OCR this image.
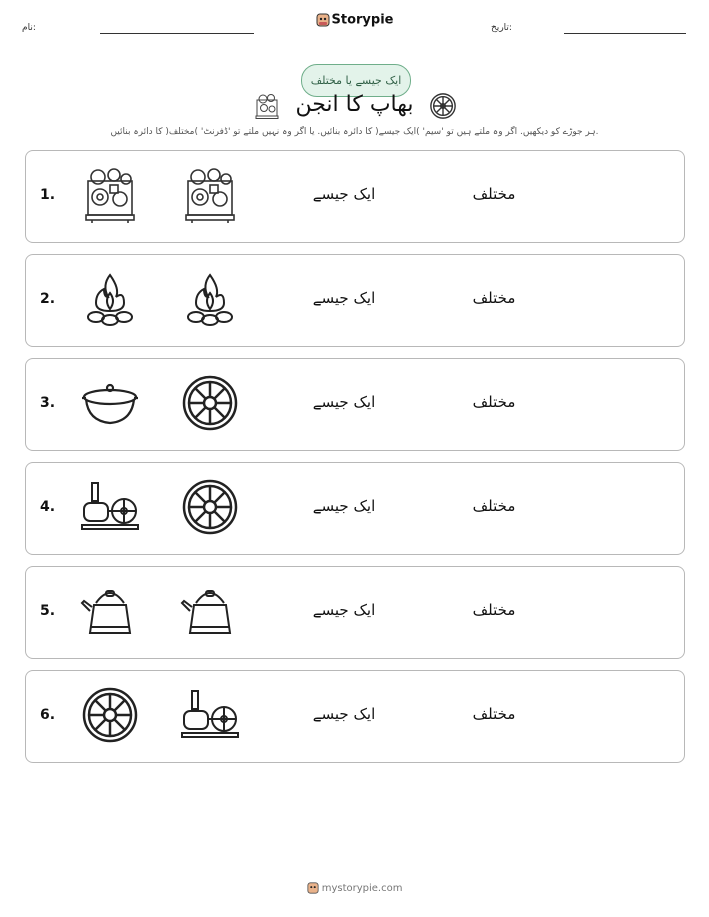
نام:
Storypie
تاریخ:
ایک جیسے یا مختلف
بھاپ کا انجن
ہر جوڑے کو دیکھیں. اگر وہ ملتے ہیں تو 'سیم' )ایک جیسے( کا دائرہ بنائیں. یا اگر وہ نہیں ملتے تو 'ڈفرنٹ' )مختلف( کا دائرہ بنائیں.
1.	ایک جیسے	مختلف
2.	ایک جیسے	مختلف
3.	ایک جیسے	مختلف
4.	ایک جیسے	مختلف
5.	ایک جیسے	مختلف
6.	ایک جیسے	مختلف
mystorypie.com
